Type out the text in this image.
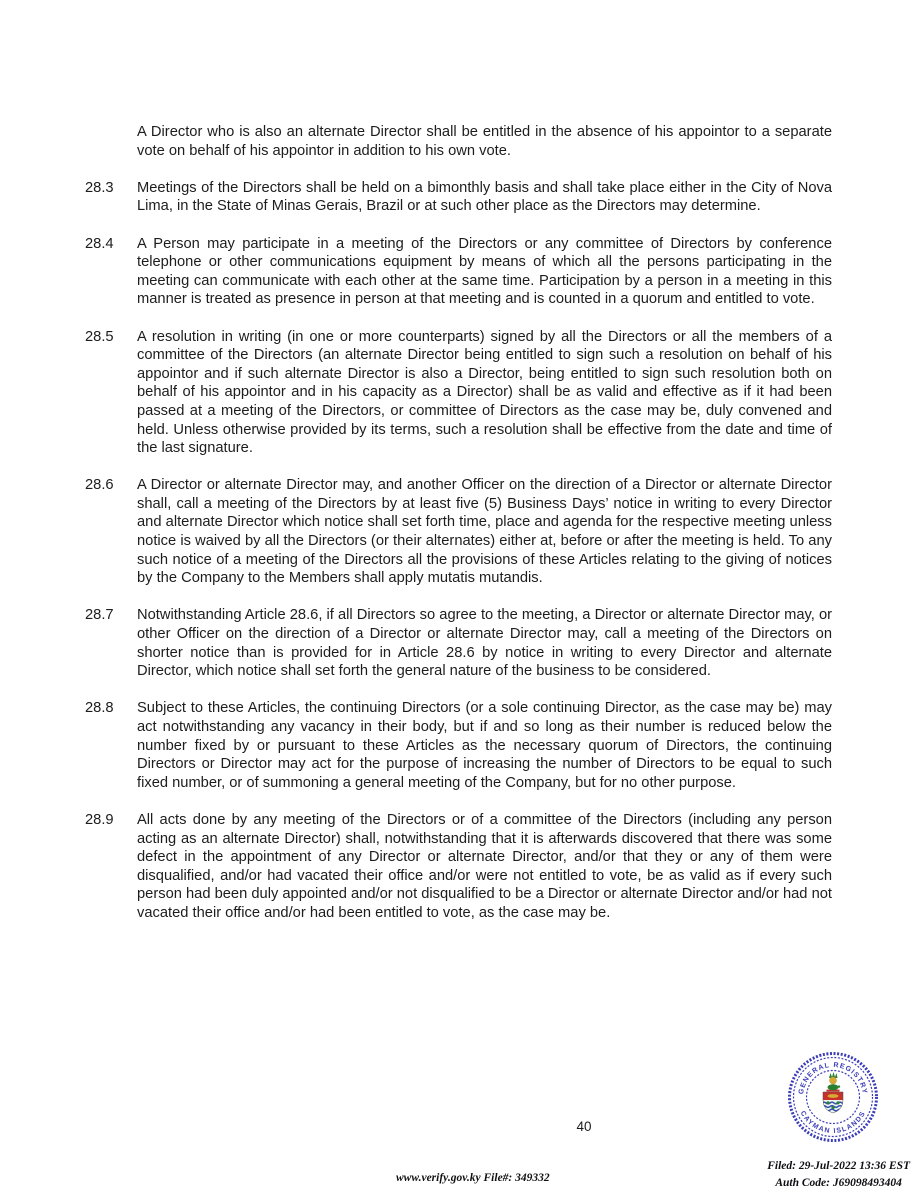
A Director who is also an alternate Director shall be entitled in the absence of his appointor to a separate vote on behalf of his appointor in addition to his own vote.

28.3	Meetings of the Directors shall be held on a bimonthly basis and shall take place either in the City of Nova Lima, in the State of Minas Gerais, Brazil or at such other place as the Directors may determine.
28.4	A Person may participate in a meeting of the Directors or any committee of Directors by conference telephone or other communications equipment by means of which all the persons participating in the meeting can communicate with each other at the same time. Participation by a person in a meeting in this manner is treated as presence in person at that meeting and is counted in a quorum and entitled to vote.
28.5	A resolution in writing (in one or more counterparts) signed by all the Directors or all the members of a committee of the Directors (an alternate Director being entitled to sign such a resolution on behalf of his appointor and if such alternate Director is also a Director, being entitled to sign such resolution both on behalf of his appointor and in his capacity as a Director) shall be as valid and effective as if it had been passed at a meeting of the Directors, or committee of Directors as the case may be, duly convened and held. Unless otherwise provided by its terms, such a resolution shall be effective from the date and time of the last signature.
28.6	A Director or alternate Director may, and another Officer on the direction of a Director or alternate Director shall, call a meeting of the Directors by at least five (5) Business Days’ notice in writing to every Director and alternate Director which notice shall set forth time, place and agenda for the respective meeting unless notice is waived by all the Directors (or their alternates) either at, before or after the meeting is held. To any such notice of a meeting of the Directors all the provisions of these Articles relating to the giving of notices by the Company to the Members shall apply mutatis mutandis.
28.7	Notwithstanding Article 28.6, if all Directors so agree to the meeting, a Director or alternate Director may, or other Officer on the direction of a Director or alternate Director may, call a meeting of the Directors on shorter notice than is provided for in Article 28.6 by notice in writing to every Director and alternate Director, which notice shall set forth the general nature of the business to be considered.
28.8	Subject to these Articles, the continuing Directors (or a sole continuing Director, as the case may be) may act notwithstanding any vacancy in their body, but if and so long as their number is reduced below the number fixed by or pursuant to these Articles as the necessary quorum of Directors, the continuing Directors or Director may act for the purpose of increasing the number of Directors to be equal to such fixed number, or of summoning a general meeting of the Company, but for no other purpose.
28.9	All acts done by any meeting of the Directors or of a committee of the Directors (including any person acting as an alternate Director) shall, notwithstanding that it is afterwards discovered that there was some defect in the appointment of any Director or alternate Director, and/or that they or any of them were disqualified, and/or had vacated their office and/or were not entitled to vote, be as valid as if every such person had been duly appointed and/or not disqualified to be a Director or alternate Director and/or had not vacated their office and/or had been entitled to vote, as the case may be.
40
www.verify.gov.ky File#: 349332
GENERAL REGISTRY
CAYMAN ISLANDS
Filed: 29-Jul-2022 13:36 EST
Auth Code: J69098493404
